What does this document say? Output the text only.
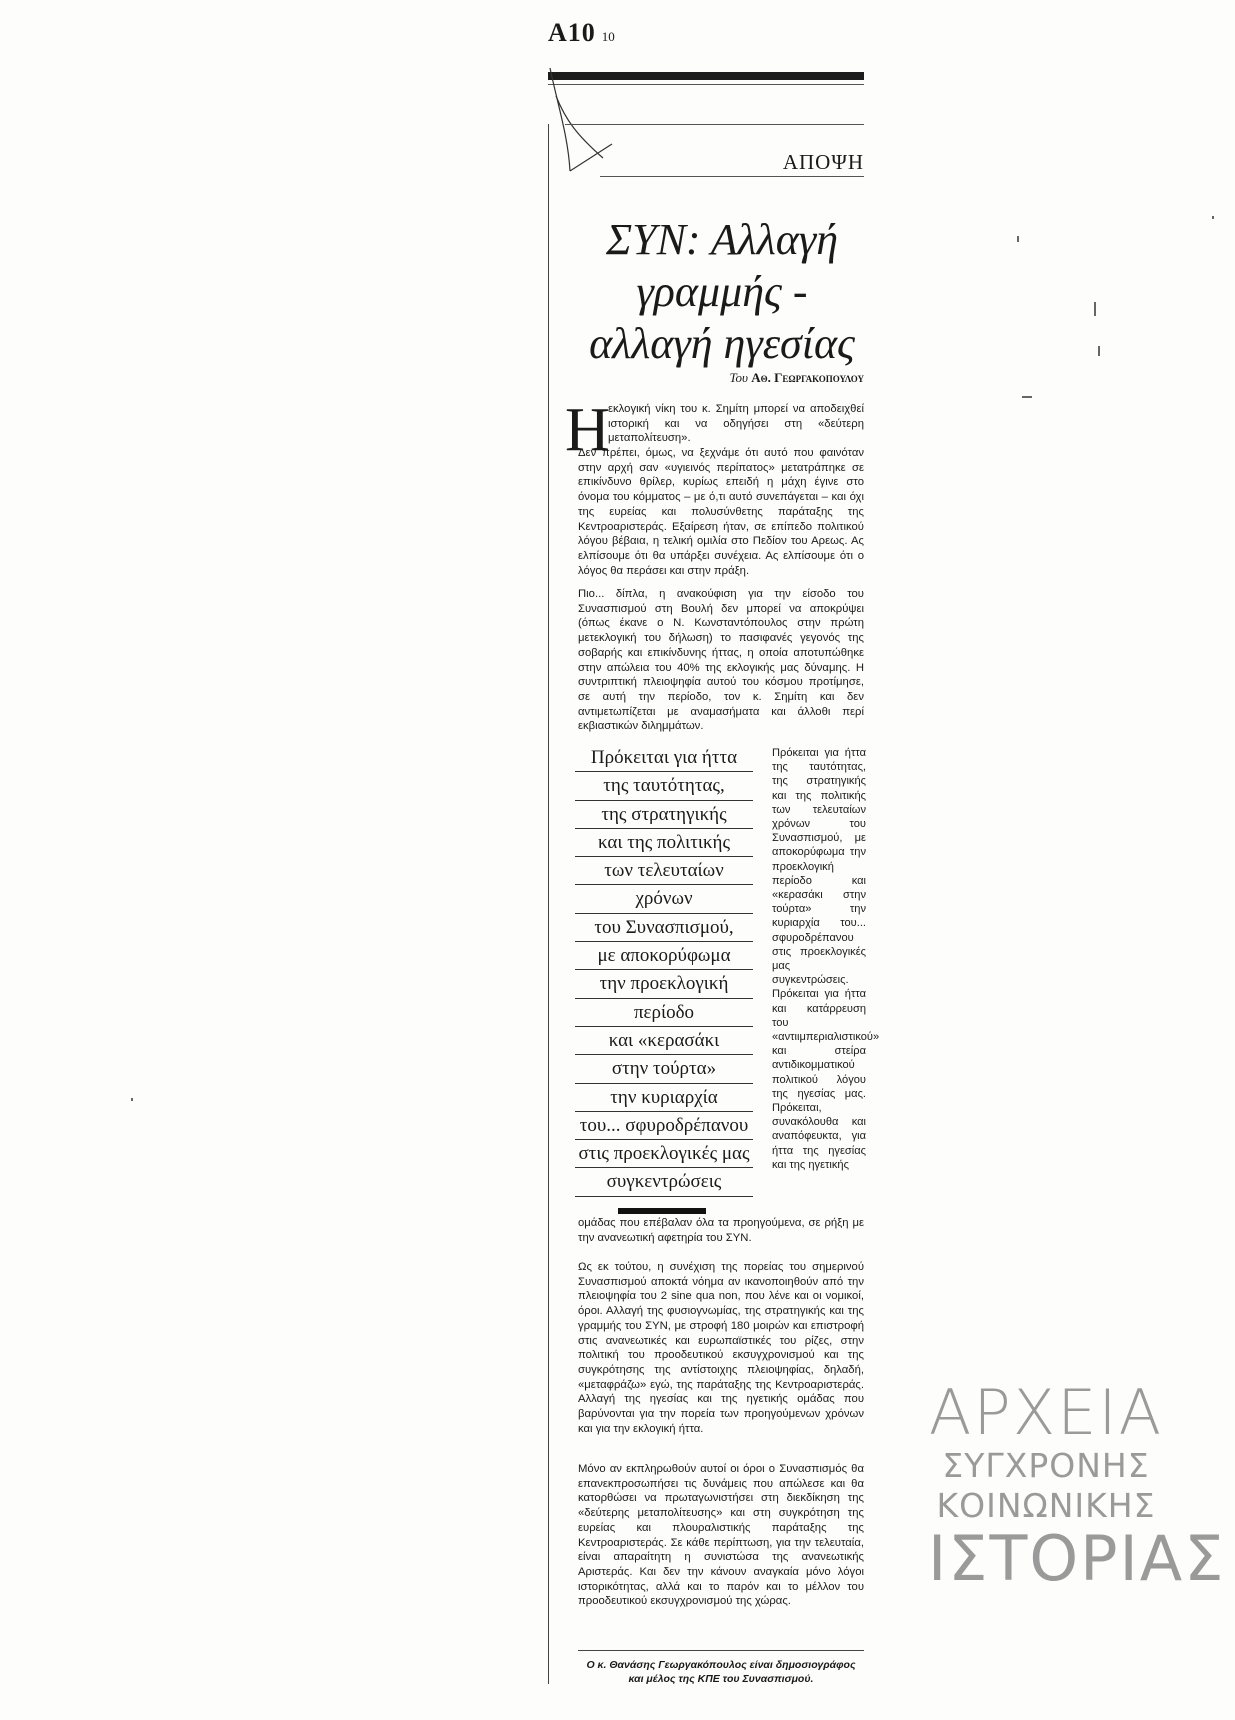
A10 10
ΑΠΟΨΗ
ΣΥΝ: Αλλαγή
γραμμής -
αλλαγή ηγεσίας
Του Αθ. Γεωργακοπουλου
Η
εκλογική νίκη του κ. Σημίτη μπορεί να αποδειχθεί ιστορική και να οδηγήσει στη «δεύτερη μεταπολίτευση».
Δεν πρέπει, όμως, να ξεχνάμε ότι αυτό που φαινόταν στην αρχή σαν «υγιεινός περίπατος» μετατράπηκε σε επικίνδυνο θρίλερ, κυρίως επειδή η μάχη έγινε στο όνομα του κόμματος – με ό,τι αυτό συνεπάγεται – και όχι της ευρείας και πολυσύνθετης παράταξης της Κεντροαριστεράς. Εξαίρεση ήταν, σε επίπεδο πολιτικού λόγου βέβαια, η τελική ομιλία στο Πεδίον του Αρεως. Ας ελπίσουμε ότι θα υπάρξει συνέχεια. Ας ελπίσουμε ότι ο λόγος θα περάσει και στην πράξη.
Πιο... δίπλα, η ανακούφιση για την είσοδο του Συνασπισμού στη Βουλή δεν μπορεί να αποκρύψει (όπως έκανε ο Ν. Κωνσταντόπουλος στην πρώτη μετεκλογική του δήλωση) το πασιφανές γεγονός της σοβαρής και επικίνδυνης ήττας, η οποία αποτυπώθηκε στην απώλεια του 40% της εκλογικής μας δύναμης. Η συντριπτική πλειοψηφία αυτού του κόσμου προτίμησε, σε αυτή την περίοδο, τον κ. Σημίτη και δεν αντιμετωπίζεται με αναμασήματα και άλλοθι περί εκβιαστικών διλημμάτων.
Πρόκειται για ήττα
της ταυτότητας,
της στρατηγικής
και της πολιτικής
των τελευταίων
χρόνων
του Συνασπισμού,
με αποκορύφωμα
την προεκλογική
περίοδο
και «κερασάκι
στην τούρτα»
την κυριαρχία
του... σφυροδρέπανου
στις προεκλογικές μας
συγκεντρώσεις
Πρόκειται για ήττα της ταυτότητας, της στρατηγικής και της πολιτικής των τελευταίων χρόνων του Συνασπισμού, με αποκορύφωμα την προεκλογική περίοδο και «κερασάκι στην τούρτα» την κυριαρχία του... σφυροδρέπανου στις προεκλογικές μας συγκεντρώσεις. Πρόκειται για ήττα και κατάρρευση του «αντιιμπεριαλιστικού» και στείρα αντιδικομματικού πολιτικού λόγου της ηγεσίας μας. Πρόκειται, συνακόλουθα και αναπόφευκτα, για ήττα της ηγεσίας και της ηγετικής
ομάδας που επέβαλαν όλα τα προηγούμενα, σε ρήξη με την ανανεωτική αφετηρία του ΣΥΝ.
Ως εκ τούτου, η συνέχιση της πορείας του σημερινού Συνασπισμού αποκτά νόημα αν ικανοποιηθούν από την πλειοψηφία του 2 sine qua non, που λένε και οι νομικοί, όροι. Αλλαγή της φυσιογνωμίας, της στρατηγικής και της γραμμής του ΣΥΝ, με στροφή 180 μοιρών και επιστροφή στις ανανεωτικές και ευρωπαϊστικές του ρίζες, στην πολιτική του προοδευτικού εκσυγχρονισμού και της συγκρότησης της αντίστοιχης πλειοψηφίας, δηλαδή, «μεταφράζω» εγώ, της παράταξης της Κεντροαριστεράς. Αλλαγή της ηγεσίας και της ηγετικής ομάδας που βαρύνονται για την πορεία των προηγούμενων χρόνων και για την εκλογική ήττα.
Μόνο αν εκπληρωθούν αυτοί οι όροι ο Συνασπισμός θα επανεκπροσωπήσει τις δυνάμεις που απώλεσε και θα κατορθώσει να πρωταγωνιστήσει στη διεκδίκηση της «δεύτερης μεταπολίτευσης» και στη συγκρότηση της ευρείας και πλουραλιστικής παράταξης της Κεντροαριστεράς. Σε κάθε περίπτωση, για την τελευταία, είναι απαραίτητη η συνιστώσα της ανανεωτικής Αριστεράς. Και δεν την κάνουν αναγκαία μόνο λόγοι ιστορικότητας, αλλά και το παρόν και το μέλλον του προοδευτικού εκσυγχρονισμού της χώρας.
Ο κ. Θανάσης Γεωργακόπουλος είναι δημοσιογράφος και μέλος της ΚΠΕ του Συνασπισμού.
ΑΡΧΕΙΑ
ΣΥΓΧΡΟΝΗΣ
ΚΟΙΝΩΝΙΚΗΣ
ΙΣΤΟΡΙΑΣ
